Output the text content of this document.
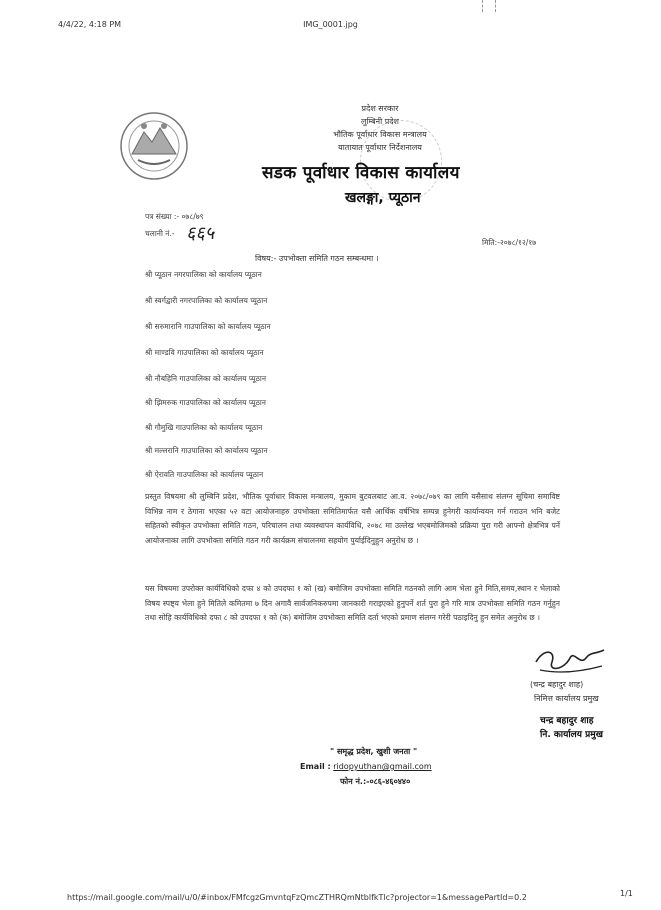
4/4/22, 4:18 PM	IMG_0001.jpg
प्रदेश सरकार
लुम्बिनी प्रदेश
भौतिक पूर्वाधार विकास मन्त्रालय
यातायात पूर्वाधार निर्देशनालय
सडक पूर्वाधार विकास कार्यालय
खलङ्गा, प्यूठान
पत्र संख्या :- ०७८/७९
चलानी नं.- ६६५	मिति:-२०७८/१२/१७
विषय:- उपभोक्ता समिति गठन सम्बन्धमा ।
श्री प्यूठान नगरपालिका को कार्यालय प्यूठान
श्री स्वर्गद्वारी नगरपालिका को कार्यालय प्यूठान
श्री सरुमारानि गाउपालिका को कार्यालय प्यूठान
श्री माण्डवि गाउपालिका को कार्यालय प्यूठान
श्री नौबहिनि गाउपालिका को कार्यालय प्यूठान
श्री झिमरुक गाउपालिका को कार्यालय प्यूठान
श्री गौमुखि गाउपालिका को कार्यालय प्यूठान
श्री मल्लरानि गाउपालिका को कार्यालय प्यूठान
श्री ऐरावति गाउपालिका को कार्यालय प्यूठान
प्रस्तुत विषयमा श्री लुम्बिनि प्रदेश, भौतिक पूर्वाधार विकास मन्त्रालय, मुकाम बुटवलबाट आ.व. २०७८/०७९ का लागि यसैसाथ संलग्न सूचिमा समाविष्ट विभिन्न नाम र ठेगाना भएका ५२ वटा आयोजनाहरु उपभोक्ता समितिमार्फत यसै आर्थिक वर्षभित्र सम्पन्न हुनेगरी कार्यान्वयन गर्न गराउन भनि बजेट सहितको स्वीकृत उपभोक्ता समिति गठन, परिचालन तथा व्यवस्थापन कार्यविधि, २०७८ मा उल्लेख भएबमोजिमको प्रक्रिया पुरा गरी आफ्नो क्षेत्रभित्र पर्ने आयोजनाका लागि उपभोक्ता समिति गठन गरी कार्यक्रम संचालनमा सहयोग पुर्याईदिनुहुन अनुरोध छ ।
यस विषयमा उपरोक्त कार्यविधिको दफा ४ को उपदफा १ को (ख) बमोजिम उपभोक्ता समिति गठनको लागि आम भेला हुने मिति,समय,स्थान र भेलाको विषय स्पष्ट्य भेला हुने मितिले कमितमा ७ दिन अगावै सार्वजनिकरुपमा जानकारी गराइएको हुनुपर्ने शर्त पुरा हुने गरि मात्र उपभोक्ता समिति गठन गर्नुहुन तथा सोहि कार्यविधिको दफा ८ को उपदफा १ को (क) बमोजिम उपभोक्ता समिति दर्ता भएको प्रमाण संलग्न गरेरी पठाइदिनु हुन समेत अनुरोध छ ।
(चन्द्र बहादुर शाह)
निमित्त कार्यालय प्रमुख
चन्द्र बहादुर शाह
नि. कार्यालय प्रमुख
" समृद्ध प्रदेश, खुशी जनता "
Email : ridopyuthan@gmail.com
फोन नं.:-०८६-४६०४४०
https://mail.google.com/mail/u/0/#inbox/FMfcgzGmvntqFzQmcZTHRQmNtblfkTlc?projector=1&messagePartId=0.2	1/1
